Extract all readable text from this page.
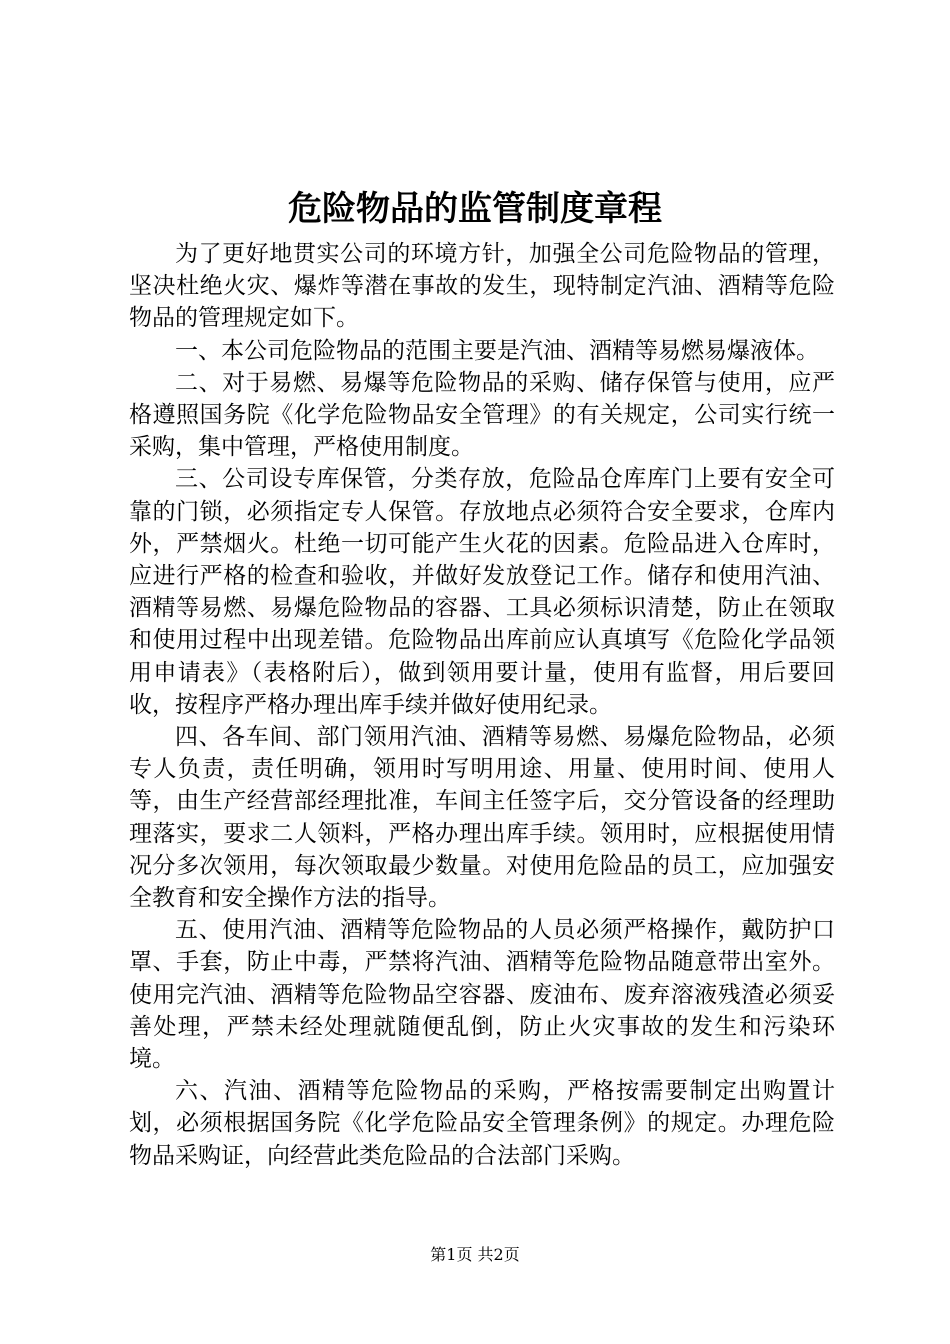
危险物品的监管制度章程

为了更好地贯实公司的环境方针，加强全公司危险物品的管理，坚决杜绝火灾、爆炸等潜在事故的发生，现特制定汽油、酒精等危险物品的管理规定如下。

一、本公司危险物品的范围主要是汽油、酒精等易燃易爆液体。

二、对于易燃、易爆等危险物品的采购、储存保管与使用，应严格遵照国务院《化学危险物品安全管理》的有关规定，公司实行统一采购，集中管理，严格使用制度。

三、公司设专库保管，分类存放，危险品仓库库门上要有安全可靠的门锁，必须指定专人保管。存放地点必须符合安全要求，仓库内外，严禁烟火。杜绝一切可能产生火花的因素。危险品进入仓库时，应进行严格的检查和验收，并做好发放登记工作。储存和使用汽油、酒精等易燃、易爆危险物品的容器、工具必须标识清楚，防止在领取和使用过程中出现差错。危险物品出库前应认真填写《危险化学品领用申请表》（表格附后），做到领用要计量，使用有监督，用后要回收，按程序严格办理出库手续并做好使用纪录。

四、各车间、部门领用汽油、酒精等易燃、易爆危险物品，必须专人负责，责任明确，领用时写明用途、用量、使用时间、使用人等，由生产经营部经理批准，车间主任签字后，交分管设备的经理助理落实，要求二人领料，严格办理出库手续。领用时，应根据使用情况分多次领用，每次领取最少数量。对使用危险品的员工，应加强安全教育和安全操作方法的指导。

五、使用汽油、酒精等危险物品的人员必须严格操作，戴防护口罩、手套，防止中毒，严禁将汽油、酒精等危险物品随意带出室外。使用完汽油、酒精等危险物品空容器、废油布、废弃溶液残渣必须妥善处理，严禁未经处理就随便乱倒，防止火灾事故的发生和污染环境。

六、汽油、酒精等危险物品的采购，严格按需要制定出购置计划，必须根据国务院《化学危险品安全管理条例》的规定。办理危险物品采购证，向经营此类危险品的合法部门采购。

第1页 共2页
